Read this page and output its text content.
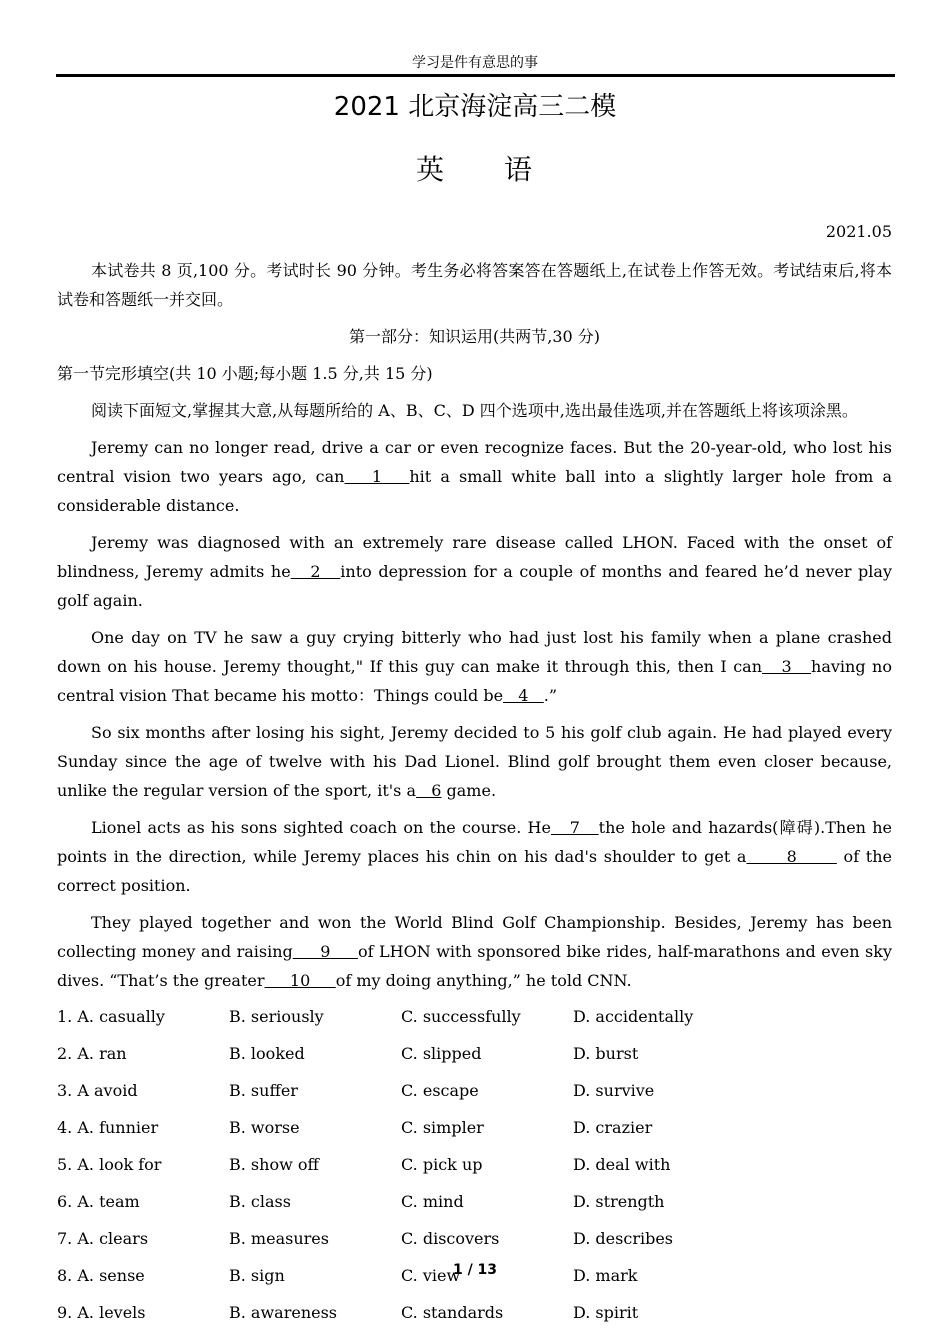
学习是件有意思的事
2021 北京海淀高三二模
英 语
2021.05

本试卷共 8 页,100 分。考试时长 90 分钟。考生务必将答案答在答题纸上,在试卷上作答无效。考试结束后,将本试卷和答题纸一并交回。

第一部分：知识运用(共两节,30 分)

第一节完形填空(共 10 小题;每小题 1.5 分,共 15 分)

阅读下面短文,掌握其大意,从每题所给的 A、B、C、D 四个选项中,选出最佳选项,并在答题纸上将该项涂黑。

Jeremy can no longer read, drive a car or even recognize faces. But the 20-year-old, who lost his central vision two years ago, can   1   hit a small white ball into a slightly larger hole from a considerable distance.

Jeremy was diagnosed with an extremely rare disease called LHON. Faced with the onset of blindness, Jeremy admits he   2   into depression for a couple of months and feared he’d never play golf again.

One day on TV he saw a guy crying bitterly who had just lost his family when a plane crashed down on his house. Jeremy thought," If this guy can make it through this, then I can   3   having no central vision That became his motto：Things could be   4   .”

So six months after losing his sight, Jeremy decided to 5 his golf club again. He had played every Sunday since the age of twelve with his Dad Lionel. Blind golf brought them even closer because, unlike the regular version of the sport, it's a   6 game.

Lionel acts as his sons sighted coach on the course. He   7   the hole and hazards(障碍).Then he points in the direction, while Jeremy places his chin on his dad's shoulder to get a      8       of the correct position.

They played together and won the World Blind Golf Championship. Besides, Jeremy has been collecting money and raising     9     of LHON with sponsored bike rides, half-marathons and even sky dives. “That’s the greater     10     of my doing anything,” he told CNN.

1. A. casually	B. seriously	C. successfully	D. accidentally
2. A. ran	B. looked	C. slipped	D. burst
3. A avoid	B. suffer	C. escape	D. survive
4. A. funnier	B. worse	C. simpler	D. crazier
5. A. look for	B. show off	C. pick up	D. deal with
6. A. team	B. class	C. mind	D. strength
7. A. clears	B. measures	C. discovers	D. describes
8. A. sense	B. sign	C. view	D. mark
9. A. levels	B. awareness	C. standards	D. spirit
1 / 13
